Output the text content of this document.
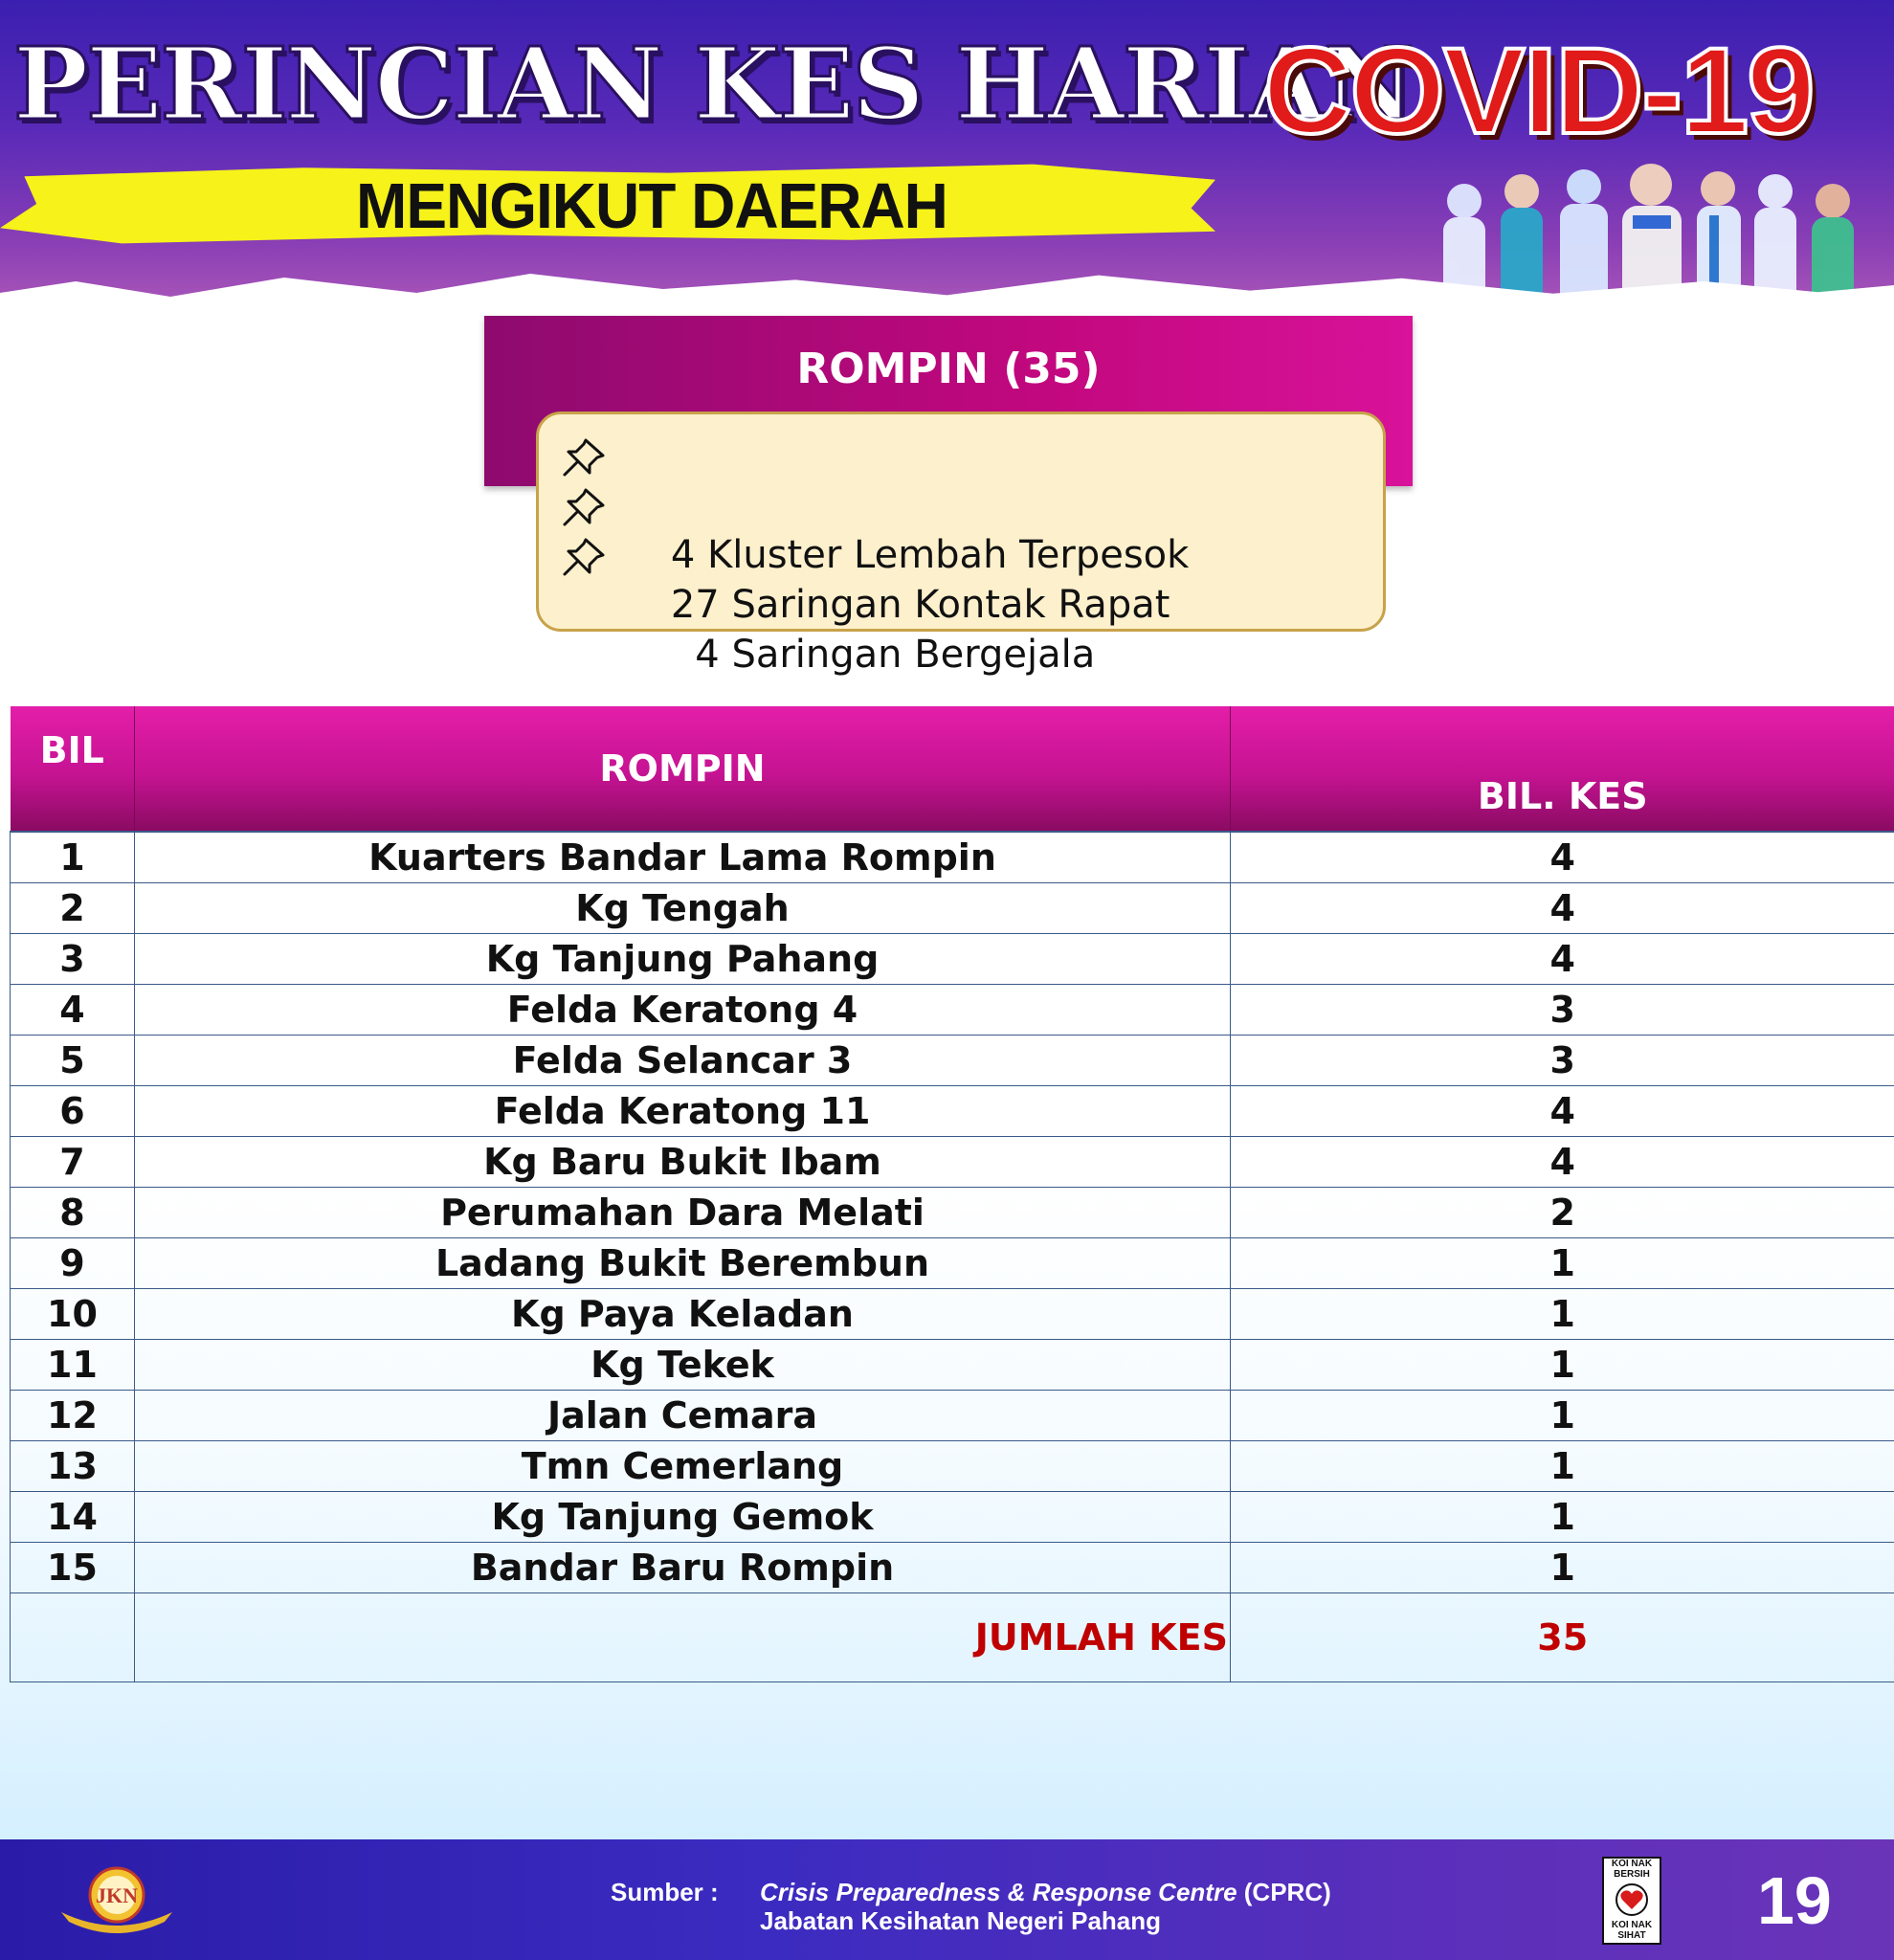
PERINCIAN KES HARIAN
COVID-19
MENGIKUT DAERAH
ROMPIN (35)

4 Kluster Lembah Terpesok

27 Saringan Kontak Rapat

4 Saringan Bergejala

BIL	ROMPIN	BIL. KES
1	Kuarters Bandar Lama Rompin	4
2	Kg Tengah	4
3	Kg Tanjung Pahang	4
4	Felda Keratong 4	3
5	Felda Selancar 3	3
6	Felda Keratong 11	4
7	Kg Baru Bukit Ibam	4
8	Perumahan Dara Melati	2
9	Ladang Bukit Berembun	1
10	Kg Paya Keladan	1
11	Kg Tekek	1
12	Jalan Cemara	1
13	Tmn Cemerlang	1
14	Kg Tanjung Gemok	1
15	Bandar Baru Rompin	1
	JUMLAH KES	35
JKN	Sumber : Crisis Preparedness & Response Centre (CPRC)
Jabatan Kesihatan Negeri Pahang
KOI NAK BERSIH
KOI NAK SIHAT 19
